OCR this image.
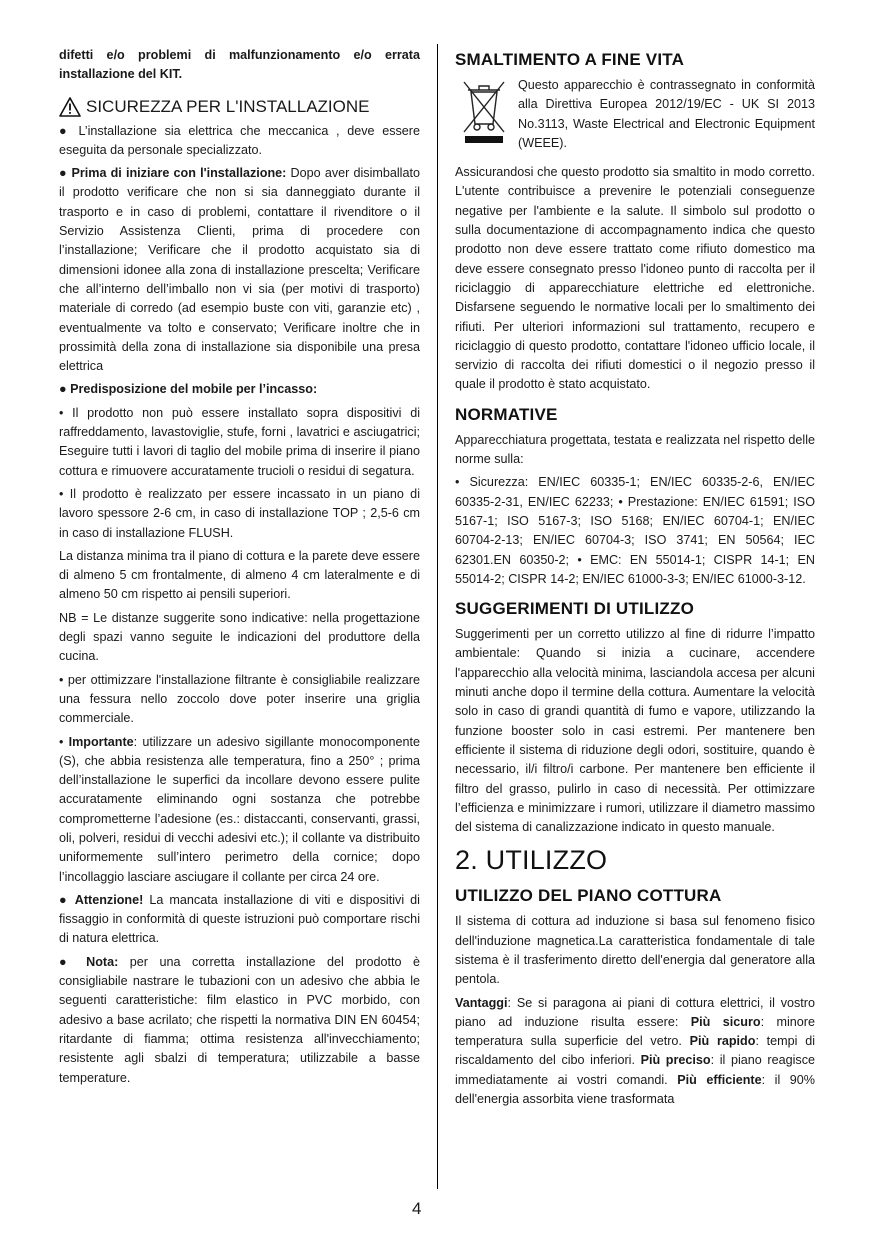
difetti e/o problemi di malfunzionamento e/o errata installazione del KIT.

SICUREZZA PER L'INSTALLAZIONE

● L’installazione sia elettrica che meccanica , deve essere eseguita da personale specializzato.

● Prima di iniziare con l'installazione: Dopo aver disimballato il prodotto verificare che non si sia danneggiato durante il trasporto e in caso di problemi, contattare il rivenditore o il Servizio Assistenza Clienti, prima di procedere con l’installazione; Verificare che il prodotto acquistato sia di dimensioni idonee alla zona di installazione prescelta; Verificare che all’interno dell’imballo non vi sia (per motivi di trasporto) materiale di corredo (ad esempio buste con viti, garanzie etc) , eventualmente va tolto e conservato; Verificare inoltre che in prossimità della zona di installazione sia disponibile una presa elettrica

● Predisposizione del mobile per l’incasso:

• Il prodotto non può essere installato sopra dispositivi di raffreddamento, lavastoviglie, stufe, forni , lavatrici e asciugatrici; Eseguire tutti i lavori di taglio del mobile prima di inserire il piano cottura e rimuovere accuratamente trucioli o residui di segatura.

• Il prodotto è realizzato per essere incassato in un piano di lavoro spessore 2-6 cm, in caso di installazione TOP ; 2,5-6 cm in caso di installazione FLUSH.

La distanza minima tra il piano di cottura e la parete deve essere di almeno 5 cm frontalmente, di almeno 4 cm lateralmente e di almeno 50 cm rispetto ai pensili superiori.

NB = Le distanze suggerite sono indicative: nella progettazione degli spazi vanno seguite le indicazioni del produttore della cucina.

• per ottimizzare l'installazione filtrante è consigliabile realizzare una fessura nello zoccolo dove poter inserire una griglia commerciale.

• Importante: utilizzare un adesivo sigillante monocomponente (S), che abbia resistenza alle temperatura, fino a 250° ; prima dell’installazione le superfici da incollare devono essere pulite accuratamente eliminando ogni sostanza che potrebbe comprometterne l’adesione (es.: distaccanti, conservanti, grassi, oli, polveri, residui di vecchi adesivi etc.); il collante va distribuito uniformemente sull’intero perimetro della cornice; dopo l’incollaggio lasciare asciugare il collante per circa 24 ore.

● Attenzione! La mancata installazione di viti e dispositivi di fissaggio in conformità di queste istruzioni può comportare rischi di natura elettrica.

● Nota: per una corretta installazione del prodotto è consigliabile nastrare le tubazioni con un adesivo che abbia le seguenti caratteristiche: film elastico in PVC morbido, con adesivo a base acrilato; che rispetti la normativa DIN EN 60454; ritardante di fiamma; ottima resistenza all'invecchiamento; resistente agli sbalzi di temperatura; utilizzabile a basse temperature.

SMALTIMENTO A FINE VITA

Questo apparecchio è contrassegnato in conformità alla Direttiva Europea 2012/19/EC - UK SI 2013 No.3113, Waste Electrical and Electronic Equipment (WEEE).

Assicurandosi che questo prodotto sia smaltito in modo corretto. L'utente contribuisce a prevenire le potenziali conseguenze negative per l'ambiente e la salute. Il simbolo sul prodotto o sulla documentazione di accompagnamento indica che questo prodotto non deve essere trattato come rifiuto domestico ma deve essere consegnato presso l'idoneo punto di raccolta per il riciclaggio di apparecchiature elettriche ed elettroniche. Disfarsene seguendo le normative locali per lo smaltimento dei rifiuti. Per ulteriori informazioni sul trattamento, recupero e riciclaggio di questo prodotto, contattare l'idoneo ufficio locale, il servizio di raccolta dei rifiuti domestici o il negozio presso il quale il prodotto è stato acquistato.

NORMATIVE

Apparecchiatura progettata, testata e realizzata nel rispetto delle norme sulla:

• Sicurezza: EN/IEC 60335-1; EN/IEC 60335-2-6, EN/IEC 60335-2-31, EN/IEC 62233; • Prestazione: EN/IEC 61591; ISO 5167-1; ISO 5167-3; ISO 5168; EN/IEC 60704-1; EN/IEC 60704-2-13; EN/IEC 60704-3; ISO 3741; EN 50564; IEC 62301.EN 60350-2; • EMC: EN 55014-1; CISPR 14-1; EN 55014-2; CISPR 14-2; EN/IEC 61000-3-3; EN/IEC 61000-3-12.

SUGGERIMENTI DI UTILIZZO

Suggerimenti per un corretto utilizzo al fine di ridurre l’impatto ambientale: Quando si inizia a cucinare, accendere l'apparecchio alla velocità minima, lasciandola accesa per alcuni minuti anche dopo il termine della cottura. Aumentare la velocità solo in caso di grandi quantità di fumo e vapore, utilizzando la funzione booster solo in casi estremi. Per mantenere ben efficiente il sistema di riduzione degli odori, sostituire, quando è necessario, il/i filtro/i carbone. Per mantenere ben efficiente il filtro del grasso, pulirlo in caso di necessità. Per ottimizzare l’efficienza e minimizzare i rumori, utilizzare il diametro massimo del sistema di canalizzazione indicato in questo manuale.

2. UTILIZZO
UTILIZZO DEL PIANO COTTURA

Il sistema di cottura ad induzione si basa sul fenomeno fisico dell'induzione magnetica.La caratteristica fondamentale di tale sistema è il trasferimento diretto dell'energia dal generatore alla pentola.

Vantaggi: Se si paragona ai piani di cottura elettrici, il vostro piano ad induzione risulta essere: Più sicuro: minore temperatura sulla superficie del vetro. Più rapido: tempi di riscaldamento del cibo inferiori. Più preciso: il piano reagisce immediatamente ai vostri comandi. Più efficiente: il 90% dell'energia assorbita viene trasformata

4
